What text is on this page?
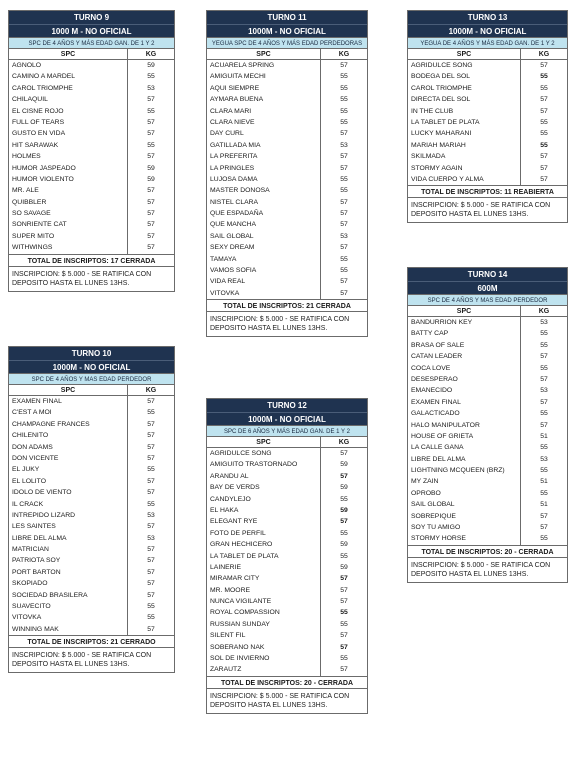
TURNO 9
1000 M - NO OFICIAL
SPC DE 4 AÑOS Y MÁS EDAD GAN. DE 1 Y 2
SPC	KG
AGNOLO	59
CAMINO A MARDEL	55
CAROL TRIOMPHE	53
CHILAQUIL	57
EL CISNE ROJO	55
FULL OF TEARS	57
GUSTO EN VIDA	57
HIT SARAWAK	55
HOLMES	57
HUMOR JASPEADO	59
HUMOR VIOLENTO	59
MR. ALE	57
QUIBBLER	57
SO SAVAGE	57
SONRIENTE CAT	57
SUPER MITO	57
WITHWINGS	57
TOTAL DE INSCRIPTOS: 17 CERRADA
INSCRIPCION: $ 5.000 - SE RATIFICA CON DEPOSITO HASTA EL LUNES 13HS.
TURNO 10
1000M - NO OFICIAL
SPC DE 4 AÑOS Y MAS EDAD PERDEDOR
SPC	KG
EXAMEN FINAL	57
C'EST A MOI	55
CHAMPAGNE FRANCES	57
CHILENITO	57
DON ADAMS	57
DON VICENTE	57
EL JUKY	55
EL LOLITO	57
IDOLO DE VIENTO	57
IL CRACK	55
INTREPIDO LIZARD	53
LES SAINTES	57
LIBRE DEL ALMA	53
MATRICIAN	57
PATRIOTA SOY	57
PORT BARTON	57
SKOPIADO	57
SOCIEDAD BRASILERA	57
SUAVECITO	55
VITOVKA	55
WINNING MAK	57
TOTAL DE INSCRIPTOS: 21 CERRADO
INSCRIPCION: $ 5.000 - SE RATIFICA CON DEPOSITO HASTA EL LUNES 13HS.
TURNO 11
1000M - NO OFICIAL
YEGUA SPC DE 4 AÑOS Y MÁS EDAD PERDEDORAS
SPC	KG
ACUARELA SPRING	57
AMIGUITA MECHI	55
AQUI SIEMPRE	55
AYMARA BUENA	55
CLARA MARI	55
CLARA NIEVE	55
DAY CURL	57
GATILLADA MIA	53
LA PREFERITA	57
LA PRINGLES	57
LUJOSA DAMA	55
MASTER DONOSA	55
NISTEL CLARA	57
QUE ESPADAÑA	57
QUE MANCHA	57
SAIL GLOBAL	53
SEXY DREAM	57
TAMAYA	55
VAMOS SOFIA	55
VIDA REAL	57
VITOVKA	57
TOTAL DE INSCRIPTOS: 21 CERRADA
INSCRIPCION: $ 5.000 - SE RATIFICA CON DEPOSITO HASTA EL LUNES 13HS.
TURNO 12
1000M - NO OFICIAL
SPC DE 6 AÑOS Y MÁS EDAD GAN. DE 1 Y 2
SPC	KG
AGRIDULCE SONG	57
AMIGUITO TRASTORNADO	59
ARANDU AL	57
BAY DE VERDS	59
CANDYLEJO	55
EL HAKA	59
ELEGANT RYE	57
FOTO DE PERFIL	55
GRAN HECHICERO	59
LA TABLET DE PLATA	55
LAINERIE	59
MIRAMAR CITY	57
MR. MOORE	57
NUNCA VIGILANTE	57
ROYAL COMPASSION	55
RUSSIAN SUNDAY	55
SILENT FIL	57
SOBERANO NAK	57
SOL DE INVIERNO	55
ZARAUTZ	57
TOTAL DE INSCRIPTOS: 20 - CERRADA
INSCRIPCION: $ 5.000 - SE RATIFICA CON DEPOSITO HASTA EL LUNES 13HS.
TURNO 13
1000M - NO OFICIAL
YEGUA DE 4 AÑOS Y MÁS EDAD GAN. DE 1 Y 2
SPC	KG
AGRIDULCE SONG	57
BODEGA DEL SOL	55
CAROL TRIOMPHE	55
DIRECTA DEL SOL	57
IN THE CLUB	57
LA TABLET DE PLATA	55
LUCKY MAHARANI	55
MARIAH MARIAH	55
SKILMADA	57
STORMY AGAIN	57
VIDA CUERPO Y ALMA	57
TOTAL DE INSCRIPTOS: 11 REABIERTA
INSCRIPCION: $ 5.000 - SE RATIFICA CON DEPOSITO HASTA EL LUNES 13HS.
TURNO 14
600M
SPC DE 4 AÑOS Y MAS EDAD PERDEDOR
SPC	KG
BANDURRION KEY	53
BATTY CAP	55
BRASA OF SALE	55
CATAN LEADER	57
COCA LOVE	55
DESESPERAO	57
EMANECIDO	53
EXAMEN FINAL	57
GALACTICADO	55
HALO MANIPULATOR	57
HOUSE OF GRIETA	51
LA CALLE GANA	55
LIBRE DEL ALMA	53
LIGHTNING MCQUEEN (BRZ)	55
MY ZAIN	51
OPROBO	55
SAIL GLOBAL	51
SOBREPIQUE	57
SOY TU AMIGO	57
STORMY HORSE	55
TOTAL DE INSCRIPTOS: 20 - CERRADA
INSCRIPCION: $ 5.000 - SE RATIFICA CON DEPOSITO HASTA EL LUNES 13HS.
